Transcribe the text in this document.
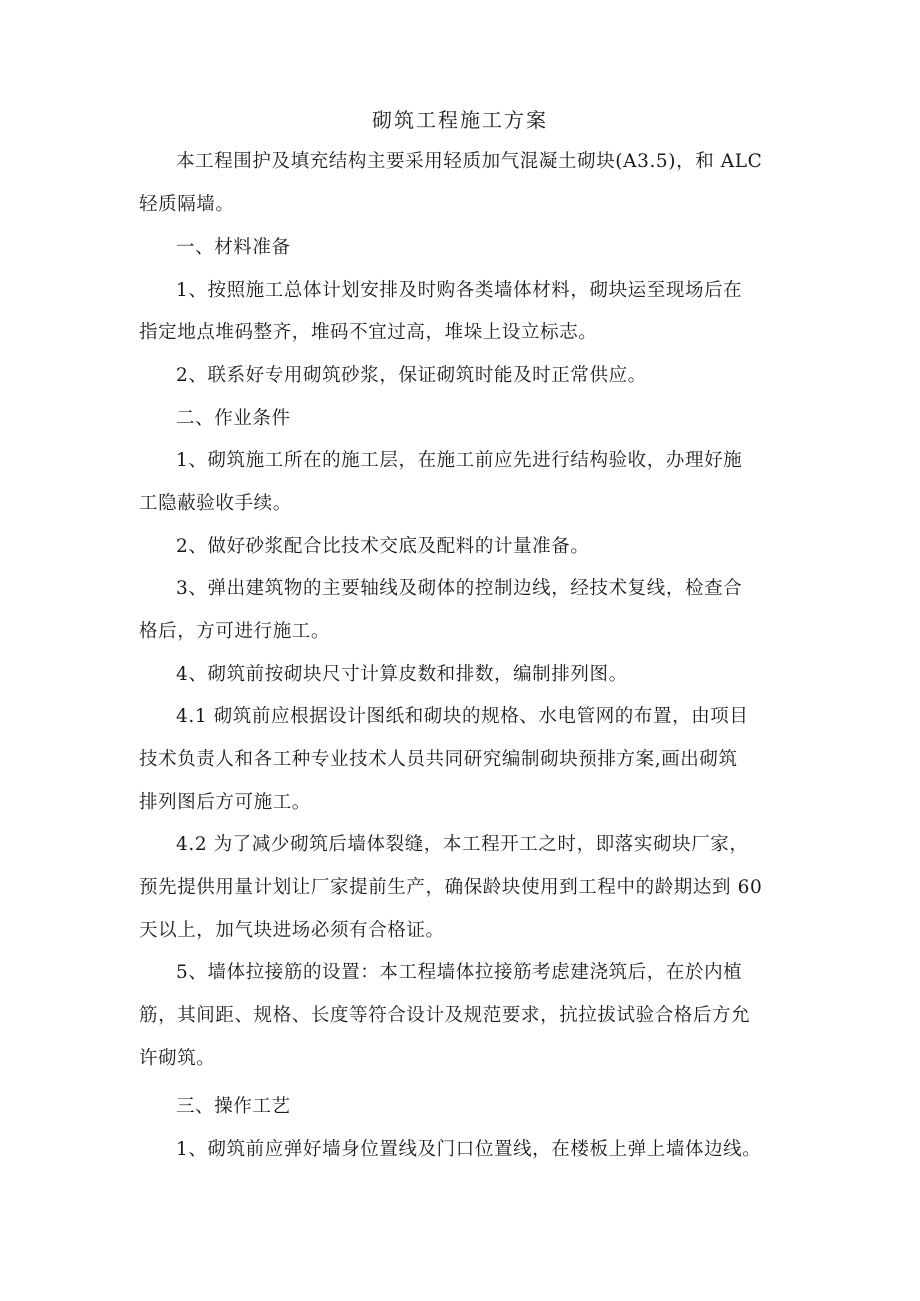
砌筑工程施工方案
本工程围护及填充结构主要采用轻质加气混凝土砌块(A3.5)，和 ALC
轻质隔墙。
一、材料准备
1、按照施工总体计划安排及时购各类墙体材料，砌块运至现场后在
指定地点堆码整齐，堆码不宜过高，堆垛上设立标志。
2、联系好专用砌筑砂浆，保证砌筑时能及时正常供应。
二、作业条件
1、砌筑施工所在的施工层，在施工前应先进行结构验收，办理好施
工隐蔽验收手续。
2、做好砂浆配合比技术交底及配料的计量准备。
3、弹出建筑物的主要轴线及砌体的控制边线，经技术复线，检查合
格后，方可进行施工。
4、砌筑前按砌块尺寸计算皮数和排数，编制排列图。
4.1 砌筑前应根据设计图纸和砌块的规格、水电管网的布置，由项目
技术负责人和各工种专业技术人员共同研究编制砌块预排方案,画出砌筑
排列图后方可施工。
4.2 为了减少砌筑后墙体裂缝，本工程开工之时，即落实砌块厂家，
预先提供用量计划让厂家提前生产，确保龄块使用到工程中的龄期达到 60
天以上，加气块进场必须有合格证。
5、墙体拉接筋的设置：本工程墙体拉接筋考虑建浇筑后，在於内植
筋，其间距、规格、长度等符合设计及规范要求，抗拉拔试验合格后方允
许砌筑。
三、操作工艺
1、砌筑前应弹好墙身位置线及门口位置线，在楼板上弹上墙体边线。
